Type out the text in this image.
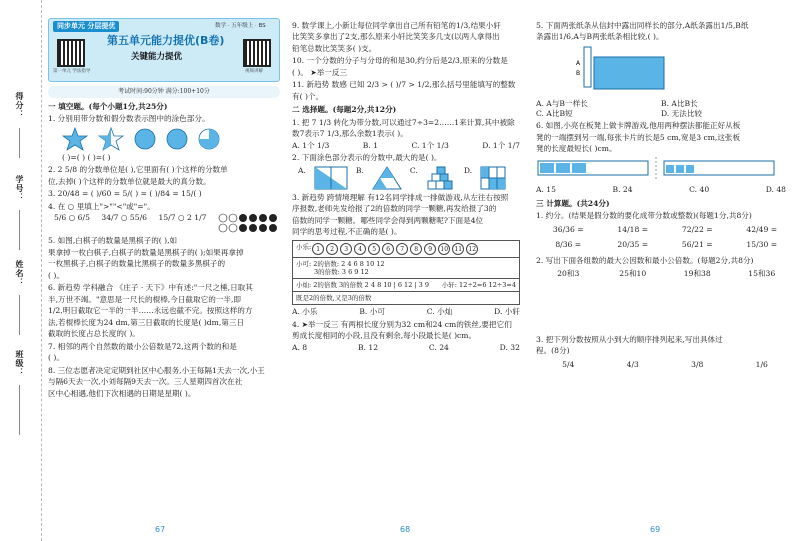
得分：
学号：
姓名：
班级：
同步单元 分层提优	数学 · 五年级上 · BS
第一单元 学法指导
第五单元能力提优(B卷)
关键能力提优
视频讲解
考试时间:90分钟 满分:100+10分
一 填空题。(每个小题1分,共25分)
1. 分别用带分数和假分数表示图中的涂色部分。
( )=( ) ( )=( )
2. 2 5/8 的分数单位是( ),它里面有( )个这样的分数单
位,去掉( )个这样的分数单位就是最大的真分数。
3. 20/48 = ( )/60 = 5/( ) = ( )/84 = 15/( )
4. 在 ○ 里填上">""<"或"="。
5/6 ○ 6/5 34/7 ○ 55/6 15/7 ○ 2 1/7
5. 如图,白棋子的数量是黑棋子的( ),如
果拿掉一枚白棋子,白棋子的数量是黑棋子的( );如果再拿掉
一枚黑棋子,白棋子的数量比黑棋子的数量多黑棋子的
( )。
6. 新趋势 学科融合 《庄子 · 天下》中有述:"一尺之棰,日取其
半,万世不竭。"意思是一尺长的棍棒,今日截取它的一半,即
1/2,明日截取它一半的一半……永远也截不完。按照这样的方
法,若棍棒长度为24 dm,第三日截取的长度是( )dm,第三日
截取的长度占总长度的( )。
7. 相邻的两个自然数的最小公倍数是72,这两个数的和是
( )。
8. 三位志愿者决定定期到社区中心服务,小王每隔1天去一次,小王
与隔6天去一次,小刘每隔9天去一次。三人星期四首次在社
区中心相遇,他们下次相遇的日期是星期( )。
67
9. 数学课上,小新让每位同学拿出自己所有铅笔的1/3,结果小轩
比笑笑多拿出了2支,那么原来小轩比笑笑多几支(以两人拿得出
铅笔总数比笑笑多( )支。
10. 一个分数的分子与分母的和是30,约分后是2/3,原来的分数是
( )。 ➤举一反三
11. 新趋势 数感 已知 2/3 > ( )/7 > 1/2,那么括号里能填写的整数
有( )个。
二 选择题。(每题2分,共12分)
1. 把 7 1/3 转化为带分数,可以通过7÷3=2……1来计算,其中被除
数7表示7 1/3,那么余数1表示( )。
A. 1个 1/3	B. 1	C. 1个 1/3	D. 1个 1/7
2. 下面涂色部分表示的分数中,最大的是( )。
A.	B.	C.	D.
3. 新趋势 跨情境理解 有12名同学排成一排做游戏,从左往右按照
序报数,老师先发给报了2的倍数的同学一颗糖,再发给报了3的
倍数的同学一颗糖。哪些同学会得到两颗糖呢?下面是4位
同学的思考过程,不正确的是( )。
小乐: 1	2	3	4	5	6	7	8	9	10	11	12
小可: 2的倍数: 2 4 6 8 10 12
3的倍数: 3 6 9 12
小灿: 2的倍数 3的倍数 2 4 8 10 | 6 12 | 3 9 小轩: 12÷2=6 12÷3=4
既是2的倍数,又是3的倍数
A. 小乐	B. 小可	C. 小灿	D. 小轩
4. ➤举一反三 有两根长度分别为32 cm和24 cm的铁丝,要把它们
剪成长度相同的小段,且没有剩余,每小段最长是( )cm。
A. 8	B. 12	C. 24	D. 32
68
5. 下面两张纸条从信封中露出同样长的部分,A纸条露出1/5,B纸
条露出1/6,A与B两张纸条相比较,( )。
A
B
A. A与B一样长	B. A比B长
C. A比B短	D. 无法比较
6. 如图,小亮在板凳上做卡牌游戏,他用两种摆法都能正好从板
凳的一端摆到另一端,每张卡片的长是5 cm,宽是3 cm,这张板
凳的长度最短长( )cm。
A. 15	B. 24	C. 40	D. 48
三 计算题。(共24分)
1. 约分。(结果是假分数的要化成带分数或整数)(每题1分,共8分)
36/36 =	14/18 =	72/22 =	42/49 =
8/36 =	20/35 =	56/21 =	15/30 =
2. 写出下面各组数的最大公因数和最小公倍数。(每题2分,共8分)
20和3	25和10	19和38	15和36
3. 把下列分数按照从小到大的顺序排列起来,写出具体过
程。(8分)
5/4	4/3	3/8	1/6
69
